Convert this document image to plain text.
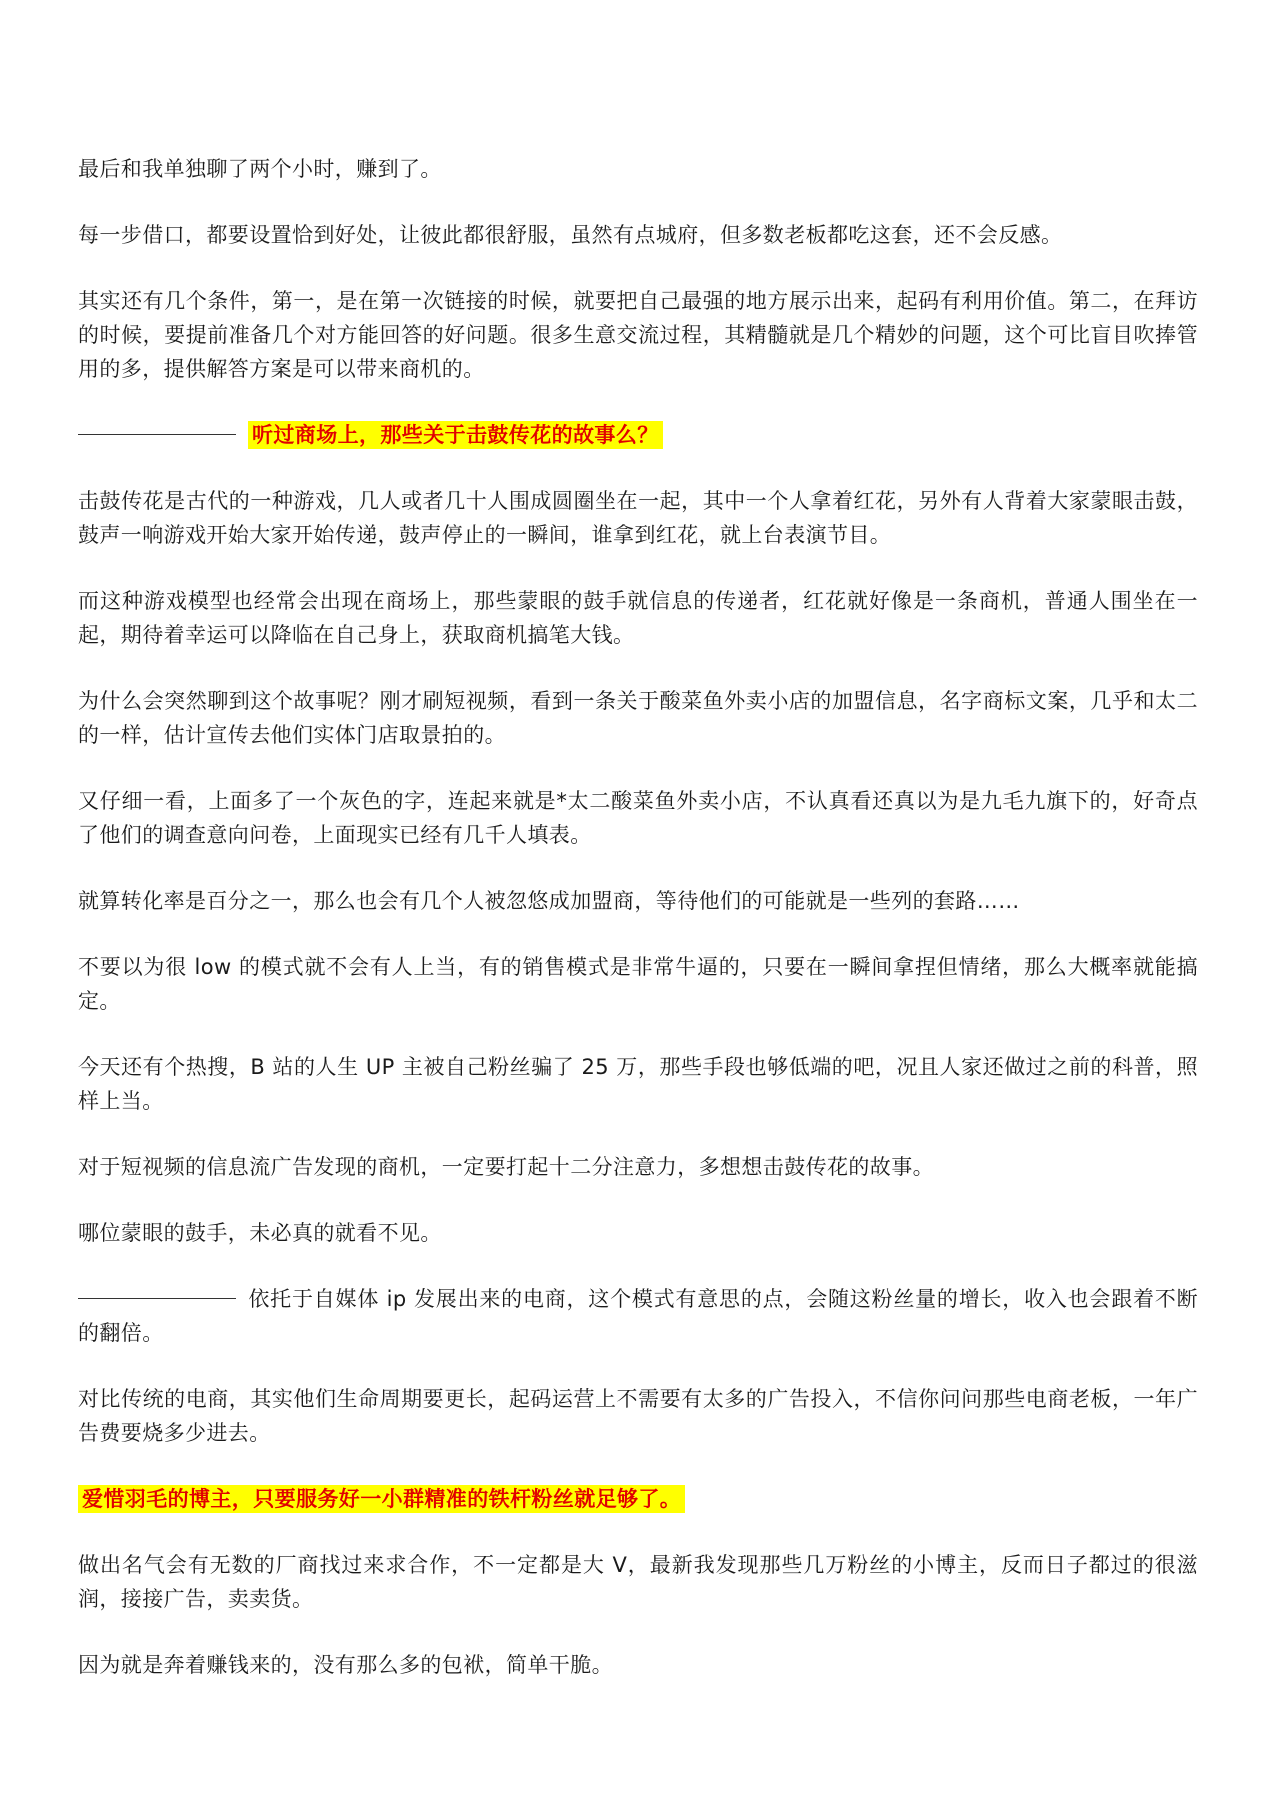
最后和我单独聊了两个小时，赚到了。

每一步借口，都要设置恰到好处，让彼此都很舒服，虽然有点城府，但多数老板都吃这套，还不会反感。

其实还有几个条件，第一，是在第一次链接的时候，就要把自己最强的地方展示出来，起码有利用价值。第二，在拜访的时候，要提前准备几个对方能回答的好问题。很多生意交流过程，其精髓就是几个精妙的问题，这个可比盲目吹捧管用的多，提供解答方案是可以带来商机的。

听过商场上，那些关于击鼓传花的故事么？

击鼓传花是古代的一种游戏，几人或者几十人围成圆圈坐在一起，其中一个人拿着红花，另外有人背着大家蒙眼击鼓，鼓声一响游戏开始大家开始传递，鼓声停止的一瞬间，谁拿到红花，就上台表演节目。

而这种游戏模型也经常会出现在商场上，那些蒙眼的鼓手就信息的传递者，红花就好像是一条商机，普通人围坐在一起，期待着幸运可以降临在自己身上，获取商机搞笔大钱。

为什么会突然聊到这个故事呢？刚才刷短视频，看到一条关于酸菜鱼外卖小店的加盟信息，名字商标文案，几乎和太二的一样，估计宣传去他们实体门店取景拍的。

又仔细一看，上面多了一个灰色的字，连起来就是*太二酸菜鱼外卖小店，不认真看还真以为是九毛九旗下的，好奇点了他们的调查意向问卷，上面现实已经有几千人填表。

就算转化率是百分之一，那么也会有几个人被忽悠成加盟商，等待他们的可能就是一些列的套路……

不要以为很 low 的模式就不会有人上当，有的销售模式是非常牛逼的，只要在一瞬间拿捏但情绪，那么大概率就能搞定。

今天还有个热搜，B 站的人生 UP 主被自己粉丝骗了 25 万，那些手段也够低端的吧，况且人家还做过之前的科普，照样上当。

对于短视频的信息流广告发现的商机，一定要打起十二分注意力，多想想击鼓传花的故事。

哪位蒙眼的鼓手，未必真的就看不见。

依托于自媒体 ip 发展出来的电商，这个模式有意思的点，会随这粉丝量的增长，收入也会跟着不断的翻倍。

对比传统的电商，其实他们生命周期要更长，起码运营上不需要有太多的广告投入，不信你问问那些电商老板，一年广告费要烧多少进去。

爱惜羽毛的博主，只要服务好一小群精准的铁杆粉丝就足够了。

做出名气会有无数的厂商找过来求合作，不一定都是大 V，最新我发现那些几万粉丝的小博主，反而日子都过的很滋润，接接广告，卖卖货。

因为就是奔着赚钱来的，没有那么多的包袱，简单干脆。
